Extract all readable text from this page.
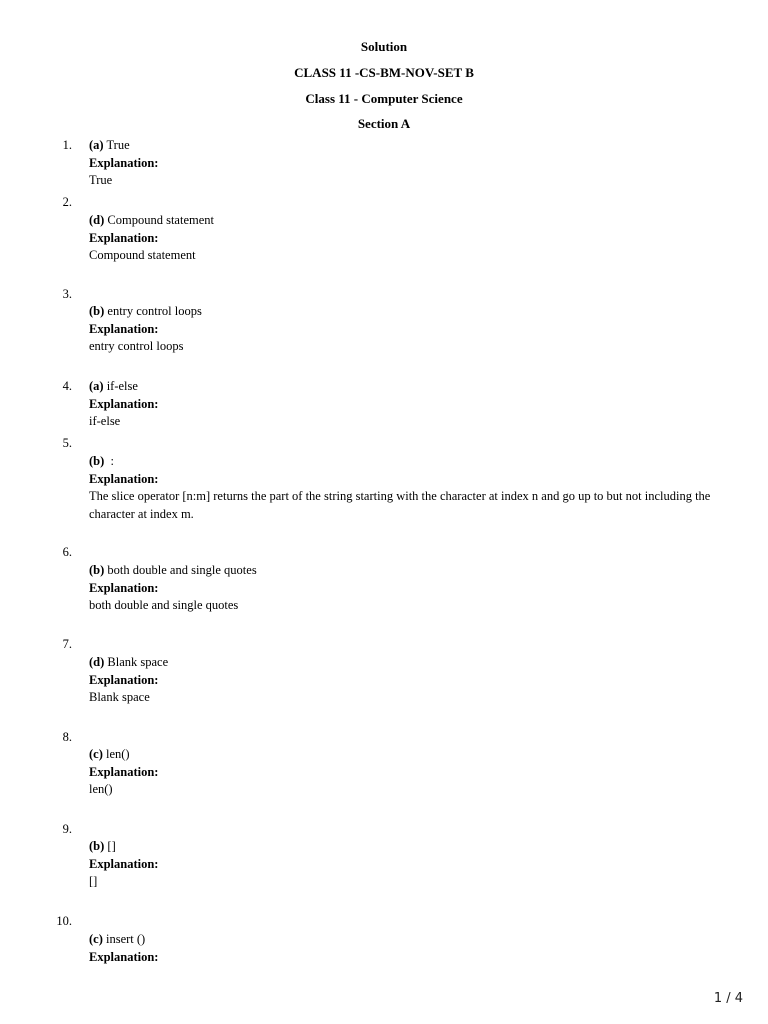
Solution
CLASS 11 -CS-BM-NOV-SET B
Class 11 - Computer Science
Section A
1. (a) True
Explanation:
True
2.
(d) Compound statement
Explanation:
Compound statement
3.
(b) entry control loops
Explanation:
entry control loops
4. (a) if-else
Explanation:
if-else
5.
(b) :
Explanation:
The slice operator [n:m] returns the part of the string starting with the character at index n and go up to but not including the character at index m.
6.
(b) both double and single quotes
Explanation:
both double and single quotes
7.
(d) Blank space
Explanation:
Blank space
8.
(c) len()
Explanation:
len()
9.
(b) []
Explanation:
[]
10.
(c) insert ()
Explanation:
1 / 4
